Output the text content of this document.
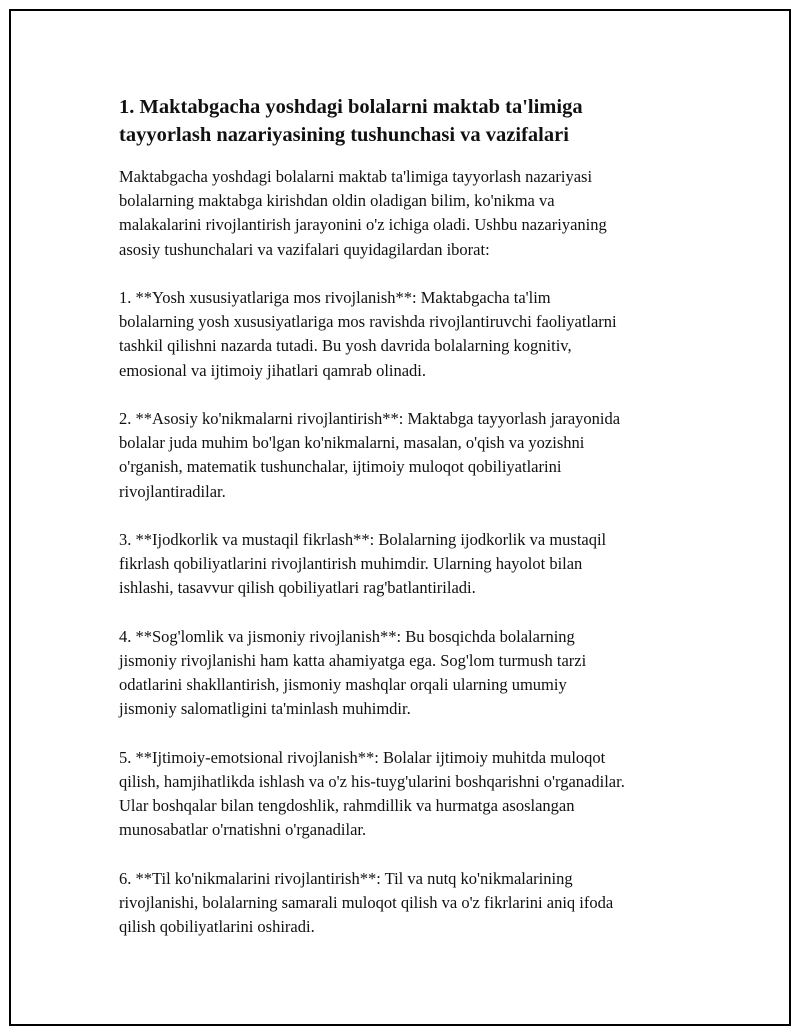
1. Maktabgacha yoshdagi bolalarni maktab ta'limiga
tayyorlash nazariyasining tushunchasi va vazifalari

Maktabgacha yoshdagi bolalarni maktab ta'limiga tayyorlash nazariyasi
bolalarning maktabga kirishdan oldin oladigan bilim, ko'nikma va
malakalarini rivojlantirish jarayonini o'z ichiga oladi. Ushbu nazariyaning
asosiy tushunchalari va vazifalari quyidagilardan iborat:

1. **Yosh xususiyatlariga mos rivojlanish**: Maktabgacha ta'lim
bolalarning yosh xususiyatlariga mos ravishda rivojlantiruvchi faoliyatlarni
tashkil qilishni nazarda tutadi. Bu yosh davrida bolalarning kognitiv,
emosional va ijtimoiy jihatlari qamrab olinadi.

2. **Asosiy ko'nikmalarni rivojlantirish**: Maktabga tayyorlash jarayonida
bolalar juda muhim bo'lgan ko'nikmalarni, masalan, o'qish va yozishni
o'rganish, matematik tushunchalar, ijtimoiy muloqot qobiliyatlarini
rivojlantiradilar.

3. **Ijodkorlik va mustaqil fikrlash**: Bolalarning ijodkorlik va mustaqil
fikrlash qobiliyatlarini rivojlantirish muhimdir. Ularning hayolot bilan
ishlashi, tasavvur qilish qobiliyatlari rag'batlantiriladi.

4. **Sog'lomlik va jismoniy rivojlanish**: Bu bosqichda bolalarning
jismoniy rivojlanishi ham katta ahamiyatga ega. Sog'lom turmush tarzi
odatlarini shakllantirish, jismoniy mashqlar orqali ularning umumiy
jismoniy salomatligini ta'minlash muhimdir.

5. **Ijtimoiy-emotsional rivojlanish**: Bolalar ijtimoiy muhitda muloqot
qilish, hamjihatlikda ishlash va o'z his-tuyg'ularini boshqarishni o'rganadilar.
Ular boshqalar bilan tengdoshlik, rahmdillik va hurmatga asoslangan
munosabatlar o'rnatishni o'rganadilar.

6. **Til ko'nikmalarini rivojlantirish**: Til va nutq ko'nikmalarining
rivojlanishi, bolalarning samarali muloqot qilish va o'z fikrlarini aniq ifoda
qilish qobiliyatlarini oshiradi.
